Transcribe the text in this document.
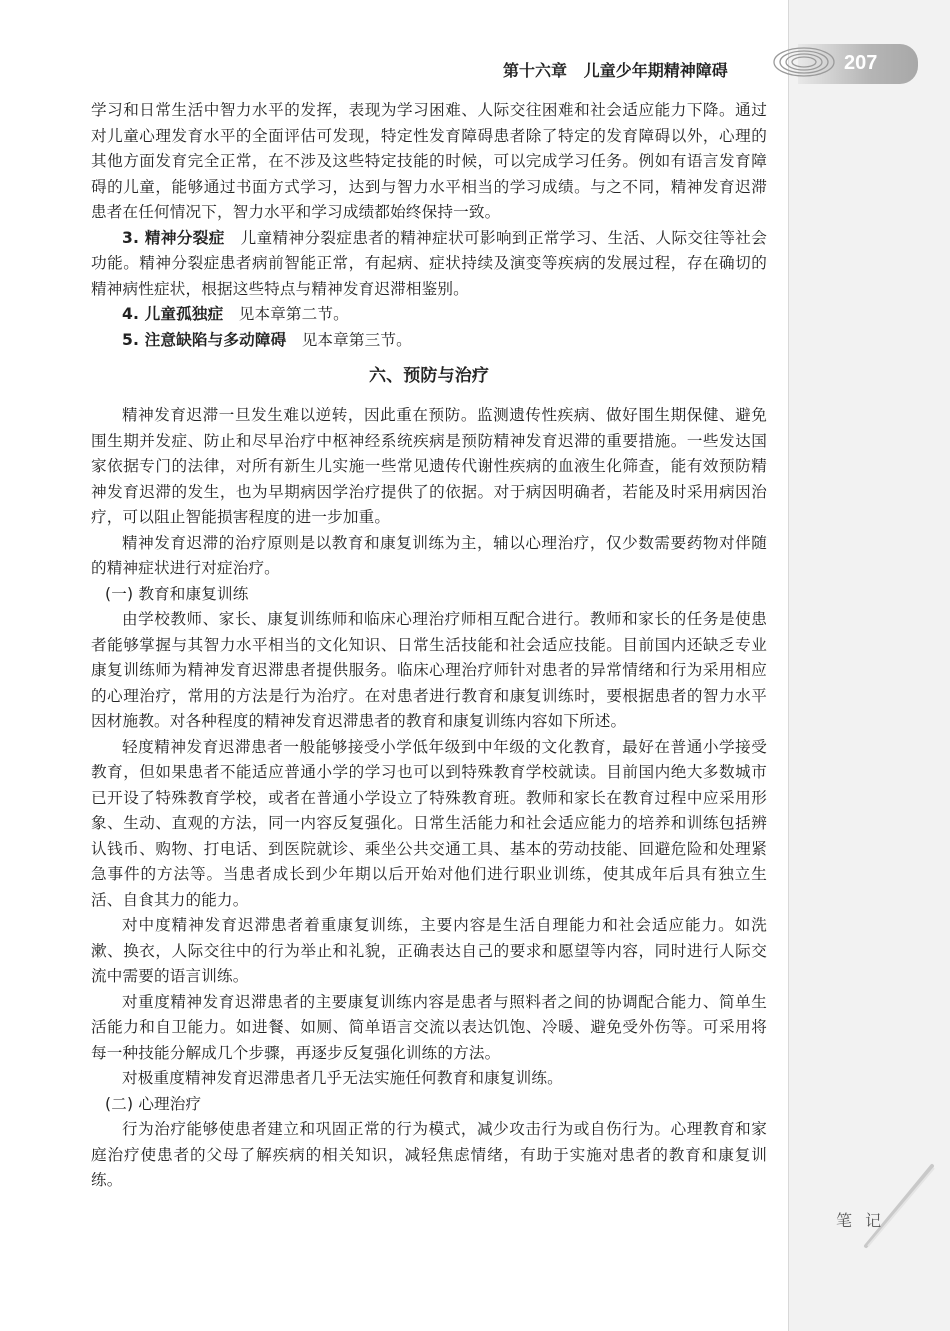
207
笔 记
第十六章 儿童少年期精神障碍

学习和日常生活中智力水平的发挥，表现为学习困难、人际交往困难和社会适应能力下降。通过对儿童心理发育水平的全面评估可发现，特定性发育障碍患者除了特定的发育障碍以外，心理的其他方面发育完全正常，在不涉及这些特定技能的时候，可以完成学习任务。例如有语言发育障碍的儿童，能够通过书面方式学习，达到与智力水平相当的学习成绩。与之不同，精神发育迟滞患者在任何情况下，智力水平和学习成绩都始终保持一致。

3. 精神分裂症 儿童精神分裂症患者的精神症状可影响到正常学习、生活、人际交往等社会功能。精神分裂症患者病前智能正常，有起病、症状持续及演变等疾病的发展过程，存在确切的精神病性症状，根据这些特点与精神发育迟滞相鉴别。

4. 儿童孤独症 见本章第二节。

5. 注意缺陷与多动障碍 见本章第三节。

六、预防与治疗

精神发育迟滞一旦发生难以逆转，因此重在预防。监测遗传性疾病、做好围生期保健、避免围生期并发症、防止和尽早治疗中枢神经系统疾病是预防精神发育迟滞的重要措施。一些发达国家依据专门的法律，对所有新生儿实施一些常见遗传代谢性疾病的血液生化筛查，能有效预防精神发育迟滞的发生，也为早期病因学治疗提供了的依据。对于病因明确者，若能及时采用病因治疗，可以阻止智能损害程度的进一步加重。

精神发育迟滞的治疗原则是以教育和康复训练为主，辅以心理治疗，仅少数需要药物对伴随的精神症状进行对症治疗。

(一) 教育和康复训练

由学校教师、家长、康复训练师和临床心理治疗师相互配合进行。教师和家长的任务是使患者能够掌握与其智力水平相当的文化知识、日常生活技能和社会适应技能。目前国内还缺乏专业康复训练师为精神发育迟滞患者提供服务。临床心理治疗师针对患者的异常情绪和行为采用相应的心理治疗，常用的方法是行为治疗。在对患者进行教育和康复训练时，要根据患者的智力水平因材施教。对各种程度的精神发育迟滞患者的教育和康复训练内容如下所述。

轻度精神发育迟滞患者一般能够接受小学低年级到中年级的文化教育，最好在普通小学接受教育，但如果患者不能适应普通小学的学习也可以到特殊教育学校就读。目前国内绝大多数城市已开设了特殊教育学校，或者在普通小学设立了特殊教育班。教师和家长在教育过程中应采用形象、生动、直观的方法，同一内容反复强化。日常生活能力和社会适应能力的培养和训练包括辨认钱币、购物、打电话、到医院就诊、乘坐公共交通工具、基本的劳动技能、回避危险和处理紧急事件的方法等。当患者成长到少年期以后开始对他们进行职业训练，使其成年后具有独立生活、自食其力的能力。

对中度精神发育迟滞患者着重康复训练，主要内容是生活自理能力和社会适应能力。如洗漱、换衣，人际交往中的行为举止和礼貌，正确表达自己的要求和愿望等内容，同时进行人际交流中需要的语言训练。

对重度精神发育迟滞患者的主要康复训练内容是患者与照料者之间的协调配合能力、简单生活能力和自卫能力。如进餐、如厕、简单语言交流以表达饥饱、冷暖、避免受外伤等。可采用将每一种技能分解成几个步骤，再逐步反复强化训练的方法。

对极重度精神发育迟滞患者几乎无法实施任何教育和康复训练。

(二) 心理治疗

行为治疗能够使患者建立和巩固正常的行为模式，减少攻击行为或自伤行为。心理教育和家庭治疗使患者的父母了解疾病的相关知识，减轻焦虑情绪，有助于实施对患者的教育和康复训练。
